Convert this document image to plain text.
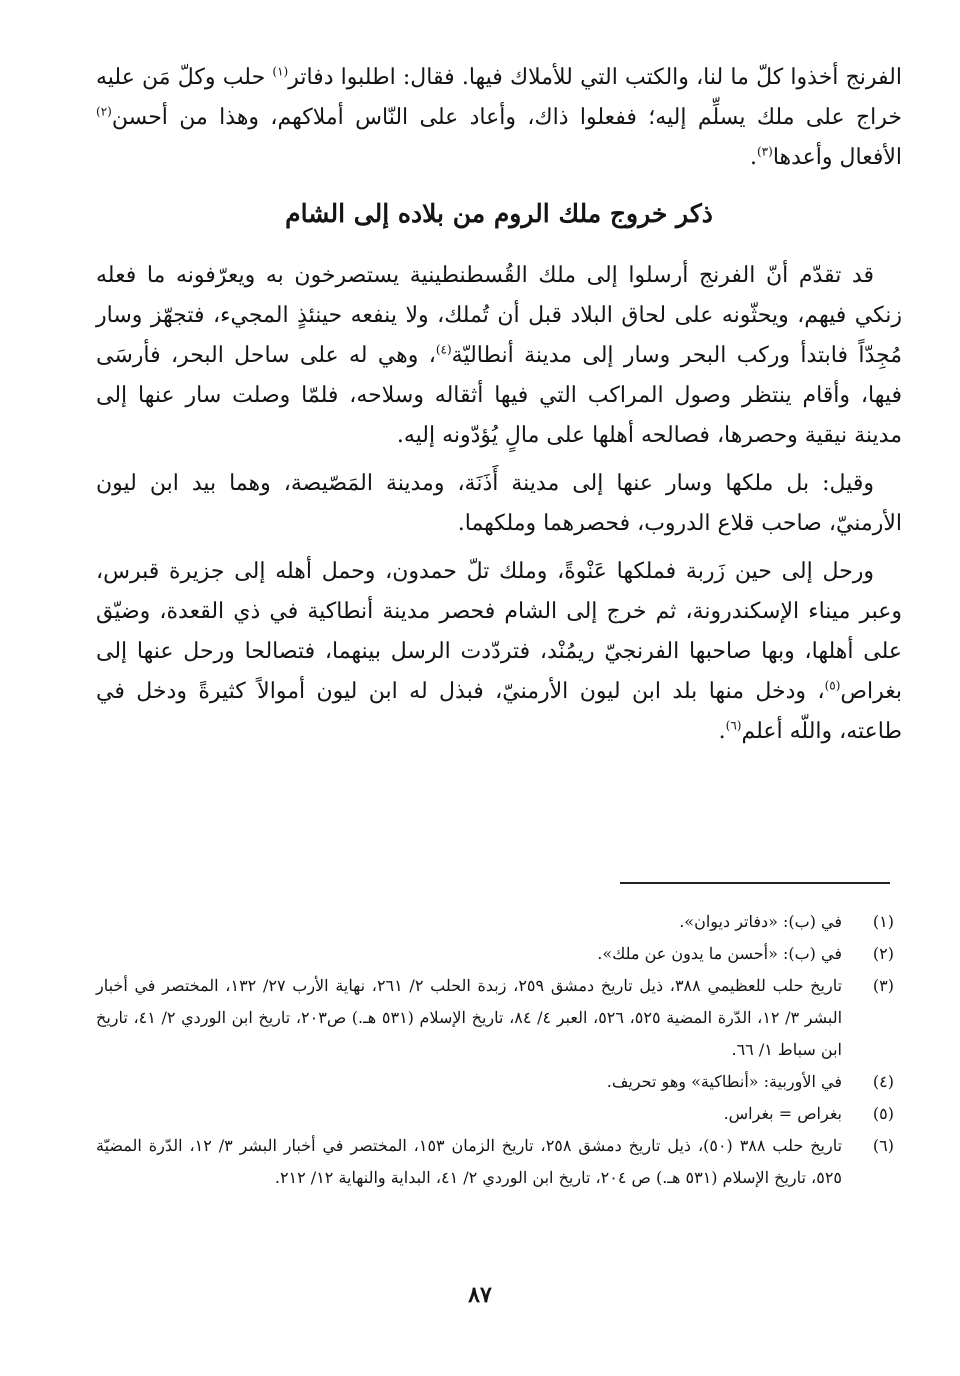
الفرنج أخذوا كلّ ما لنا، والكتب التي للأملاك فيها. فقال: اطلبوا دفاتر$^{(١)}$ حلب وكلّ مَن عليه خراج على ملك يسلِّم إليه؛ ففعلوا ذاك، وأعاد على النّاس أملاكهم، وهذا من أحسن$^{(٢)}$ الأفعال وأعدها$^{(٣)}$.

ذكر خروج ملك الروم من بلاده إلى الشام

قد تقدّم أنّ الفرنج أرسلوا إلى ملك القُسطنطينية يستصرخون به ويعرّفونه ما فعله زنكي فيهم، ويحثّونه على لحاق البلاد قبل أن تُملك، ولا ينفعه حينئذٍ المجيء، فتجهّز وسار مُجِدّاً فابتدأ وركب البحر وسار إلى مدينة أنطاليّة$^{(٤)}$، وهي له على ساحل البحر، فأرسَى فيها، وأقام ينتظر وصول المراكب التي فيها أثقاله وسلاحه، فلمّا وصلت سار عنها إلى مدينة نيقية وحصرها، فصالحه أهلها على مالٍ يُؤدّونه إليه.

وقيل: بل ملكها وسار عنها إلى مدينة أَذَنَة، ومدينة المَصّيصة، وهما بيد ابن ليون الأرمنيّ، صاحب قلاع الدروب، فحصرهما وملكهما.

ورحل إلى حين زَربة فملكها عَنْوةً، وملك تلّ حمدون، وحمل أهله إلى جزيرة قبرس، وعبر ميناء الإسكندرونة، ثم خرج إلى الشام فحصر مدينة أنطاكية في ذي القعدة، وضيّق على أهلها، وبها صاحبها الفرنجيّ ريمُنْد، فتردّدت الرسل بينهما، فتصالحا ورحل عنها إلى بغراص$^{(٥)}$، ودخل منها بلد ابن ليون الأرمنيّ، فبذل له ابن ليون أموالاً كثيرةً ودخل في طاعته، واللّه أعلم$^{(٦)}$.

(١)
في (ب): «دفاتر ديوان».
(٢)
في (ب): «أحسن ما يدون عن ملك».
(٣)
تاريخ حلب للعظيمي ٣٨٨، ذيل تاريخ دمشق ٢٥٩، زبدة الحلب ٢/ ٢٦١، نهاية الأرب ٢٧/ ١٣٢، المختصر في أخبار البشر ٣/ ١٢، الدّرة المضية ٥٢٥، ٥٢٦، العبر ٤/ ٨٤، تاريخ الإسلام (٥٣١ هـ.) ص٢٠٣، تاريخ ابن الوردي ٢/ ٤١، تاريخ ابن سباط ١/ ٦٦.
(٤)
في الأوربية: «أنطاكية» وهو تحريف.
(٥)
بغراص = بغراس.
(٦)
تاريخ حلب ٣٨٨ (٥٠)، ذيل تاريخ دمشق ٢٥٨، تاريخ الزمان ١٥٣، المختصر في أخبار البشر ٣/ ١٢، الدّرة المضيّة ٥٢٥، تاريخ الإسلام (٥٣١ هـ.) ص ٢٠٤، تاريخ ابن الوردي ٢/ ٤١، البداية والنهاية ١٢/ ٢١٢.
٨٧
